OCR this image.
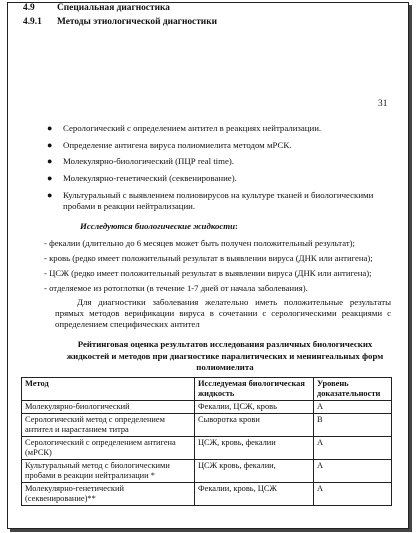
4.9 Специальная диагностика
4.9.1 Методы этиологической диагностики
31
● Серологический с определением антител в реакциях нейтрализации.
● Определение антигена вируса полиомиелита методом мРСК.
● Молекулярно-биологический (ПЦР real time).
● Молекулярно-генетический (секвенирование).
● Культуральный с выявлением полиовирусов на культуре тканей и биологическими пробами в реакции нейтрализации.
Исследуются биологические жидкости:
- фекалии (длительно до 6 месяцев может быть получен положительный результат);
- кровь (редко имеет положительный результат в выявлении вируса (ДНК или антигена);
- ЦСЖ (редко имеет положительный результат в выявлении вируса (ДНК или антигена);
- отделяемое из ротоглотки (в течение 1-7 дней от начала заболевания).
Для диагностики заболевания желательно иметь положительные результаты прямых методов верификации вируса в сочетании с серологическими реакциями с определением специфических антител
Рейтинговая оценка результатов исследования различных биологических жидкостей и методов при диагностике паралитических и менингеальных форм полиомиелита
Метод	Исследуемая биологическая жидкость	Уровень доказательности
Молекулярно-биологический	Фекалии, ЦСЖ, кровь	А
Серологический метод с определением антител и нарастанием титра	Сыворотка крови	В
Серологический с определением антигена (мРСК)	ЦСЖ, кровь, фекалии	А
Культуральный метод с биологическими пробами в реакции нейтрализации *	ЦСЖ кровь, фекалии,	А
Молекулярно-генетический (секвенирование)**	Фекалии, кровь, ЦСЖ	А
